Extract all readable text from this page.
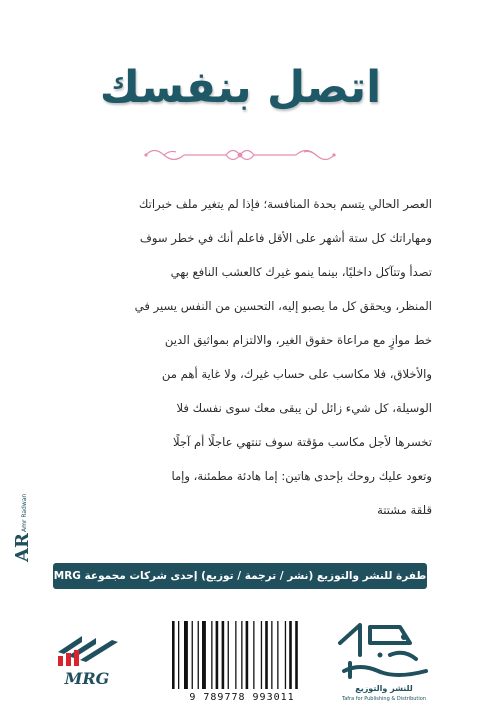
اتصل بنفسك
العصر الحالي يتسم بحدة المنافسة؛ فإذا لم يتغير ملف خبراتك
ومهاراتك كل ستة أشهر على الأقل فاعلم أنك في خطر سوف
تصدأ وتتآكل داخليًا، بينما ينمو غيرك كالعشب النافع بهي
المنظر، ويحقق كل ما يصبو إليه، التحسين من النفس يسير في
خط موازٍ مع مراعاة حقوق الغير، والالتزام بمواثيق الدين
والأخلاق، فلا مكاسب على حساب غيرك، ولا غاية أهم من
الوسيلة، كل شيء زائل لن يبقى معك سوى نفسك فلا
تخسرها لأجل مكاسب مؤقتة سوف تنتهي عاجلًا أم آجلًا
وتعود عليك روحك بإحدى هاتين: إما هادئة مطمئنة، وإما
قلقة مشتتة
AR
Amr Radwan
طفرة للنشر والتوزيع (نشر / ترجمة / توزيع) إحدى شركات مجموعة MRG
MRG
9 789778 993011
للنشر والتوزيع
Tafra for Publishing & Distribution
